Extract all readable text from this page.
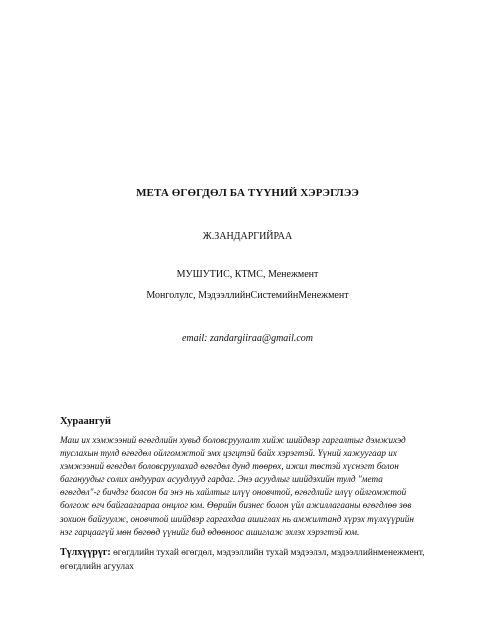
МЕТА ӨГӨГДӨЛ БА ТҮҮНИЙ ХЭРЭГЛЭЭ
Ж.ЗАНДАРГИЙРАА
МУШУТИС, КТМС, Менежмент
Монголулс, МэдээллийнСистемийнМенежмент
email: zandargiiraa@gmail.com
Хураангуй
Маш их хэмжээний өгөгдлийн хувьд боловсруулалт хийж шийдвэр гаргалтыг дэмжихэд
туслахын тулд өгөгдөл ойлгомжтой эмх цэгцтэй байх хэрэгтэй. Үүний хажуугаар их
хэмжээний өгөгдөл боловсруулахад өгөгдөл дунд төөрөх, ижил төстэй хүснэгт болон
багануудыг солих андуурах асуудлууд гардаг. Энэ асуудлыг шийдэхийн тулд "мета
өгөгдөл"-г бичдэг болсон ба энэ нь хайлтыг илүү оновчтой, өгөгдлийг илүү ойлгомжтой
болгож өгч байгаагаараа онцлог юм. Өөрийн бизнес болон үйл ажиллагааны өгөгдлөө зөв
зохион байгуулж, оновчтой шийдвэр гаргахдаа ашиглах нь амжилтанд хүрэх түлхүүрийн
нэг гарцаагүй мөн бөгөөд үүнийг бид өдөөноос ашиглаж эхлэх хэрэгтэй юм.
Түлхүүрүг: өгөгдлийн тухай өгөгдөл, мэдээллийн тухай мэдээлэл, мэдээллийнменежмент,
өгөгдлийн агуулах
